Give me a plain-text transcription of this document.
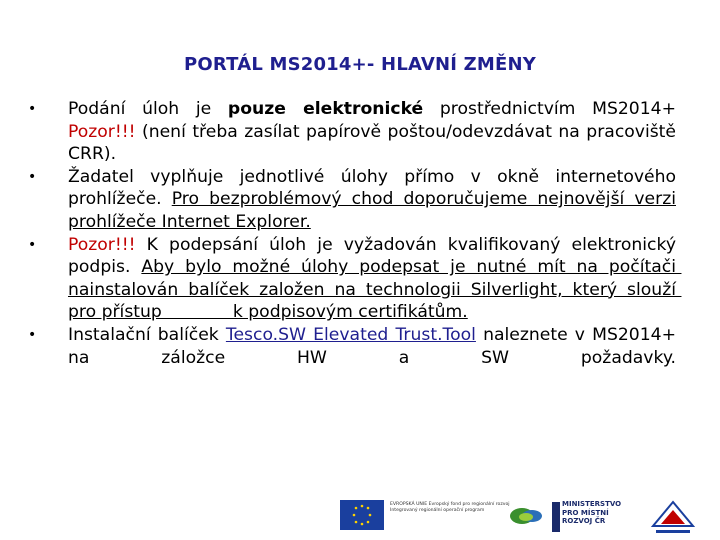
PORTÁL MS2014+- HLAVNÍ ZMĚNY
• Podání úloh je pouze elektronické prostřednictvím MS2014+ Pozor!!! (není třeba zasílat papírově poštou/odevzdávat na pracoviště CRR).
• Žadatel vyplňuje jednotlivé úlohy přímo v okně internetového prohlížeče. Pro bezproblémový chod doporučujeme nejnovější verzi prohlížeče Internet Explorer.
• Pozor!!! K podepsání úloh je vyžadován kvalifikovaný elektronický podpis. Aby bylo možné úlohy podepsat je nutné mít na počítači nainstalován balíček založen na technologii Silverlight, který slouží pro přístup             k podpisovým certifikátům.
• Instalační balíček Tesco.SW Elevated Trust.Tool naleznete v MS2014+ na záložce HW a SW požadavky.
EVROPSKÁ UNIE Evropský fond pro regionální rozvoj Integrovaný regionální operační program
MINISTERSTVO PRO MÍSTNÍ ROZVOJ ČR
